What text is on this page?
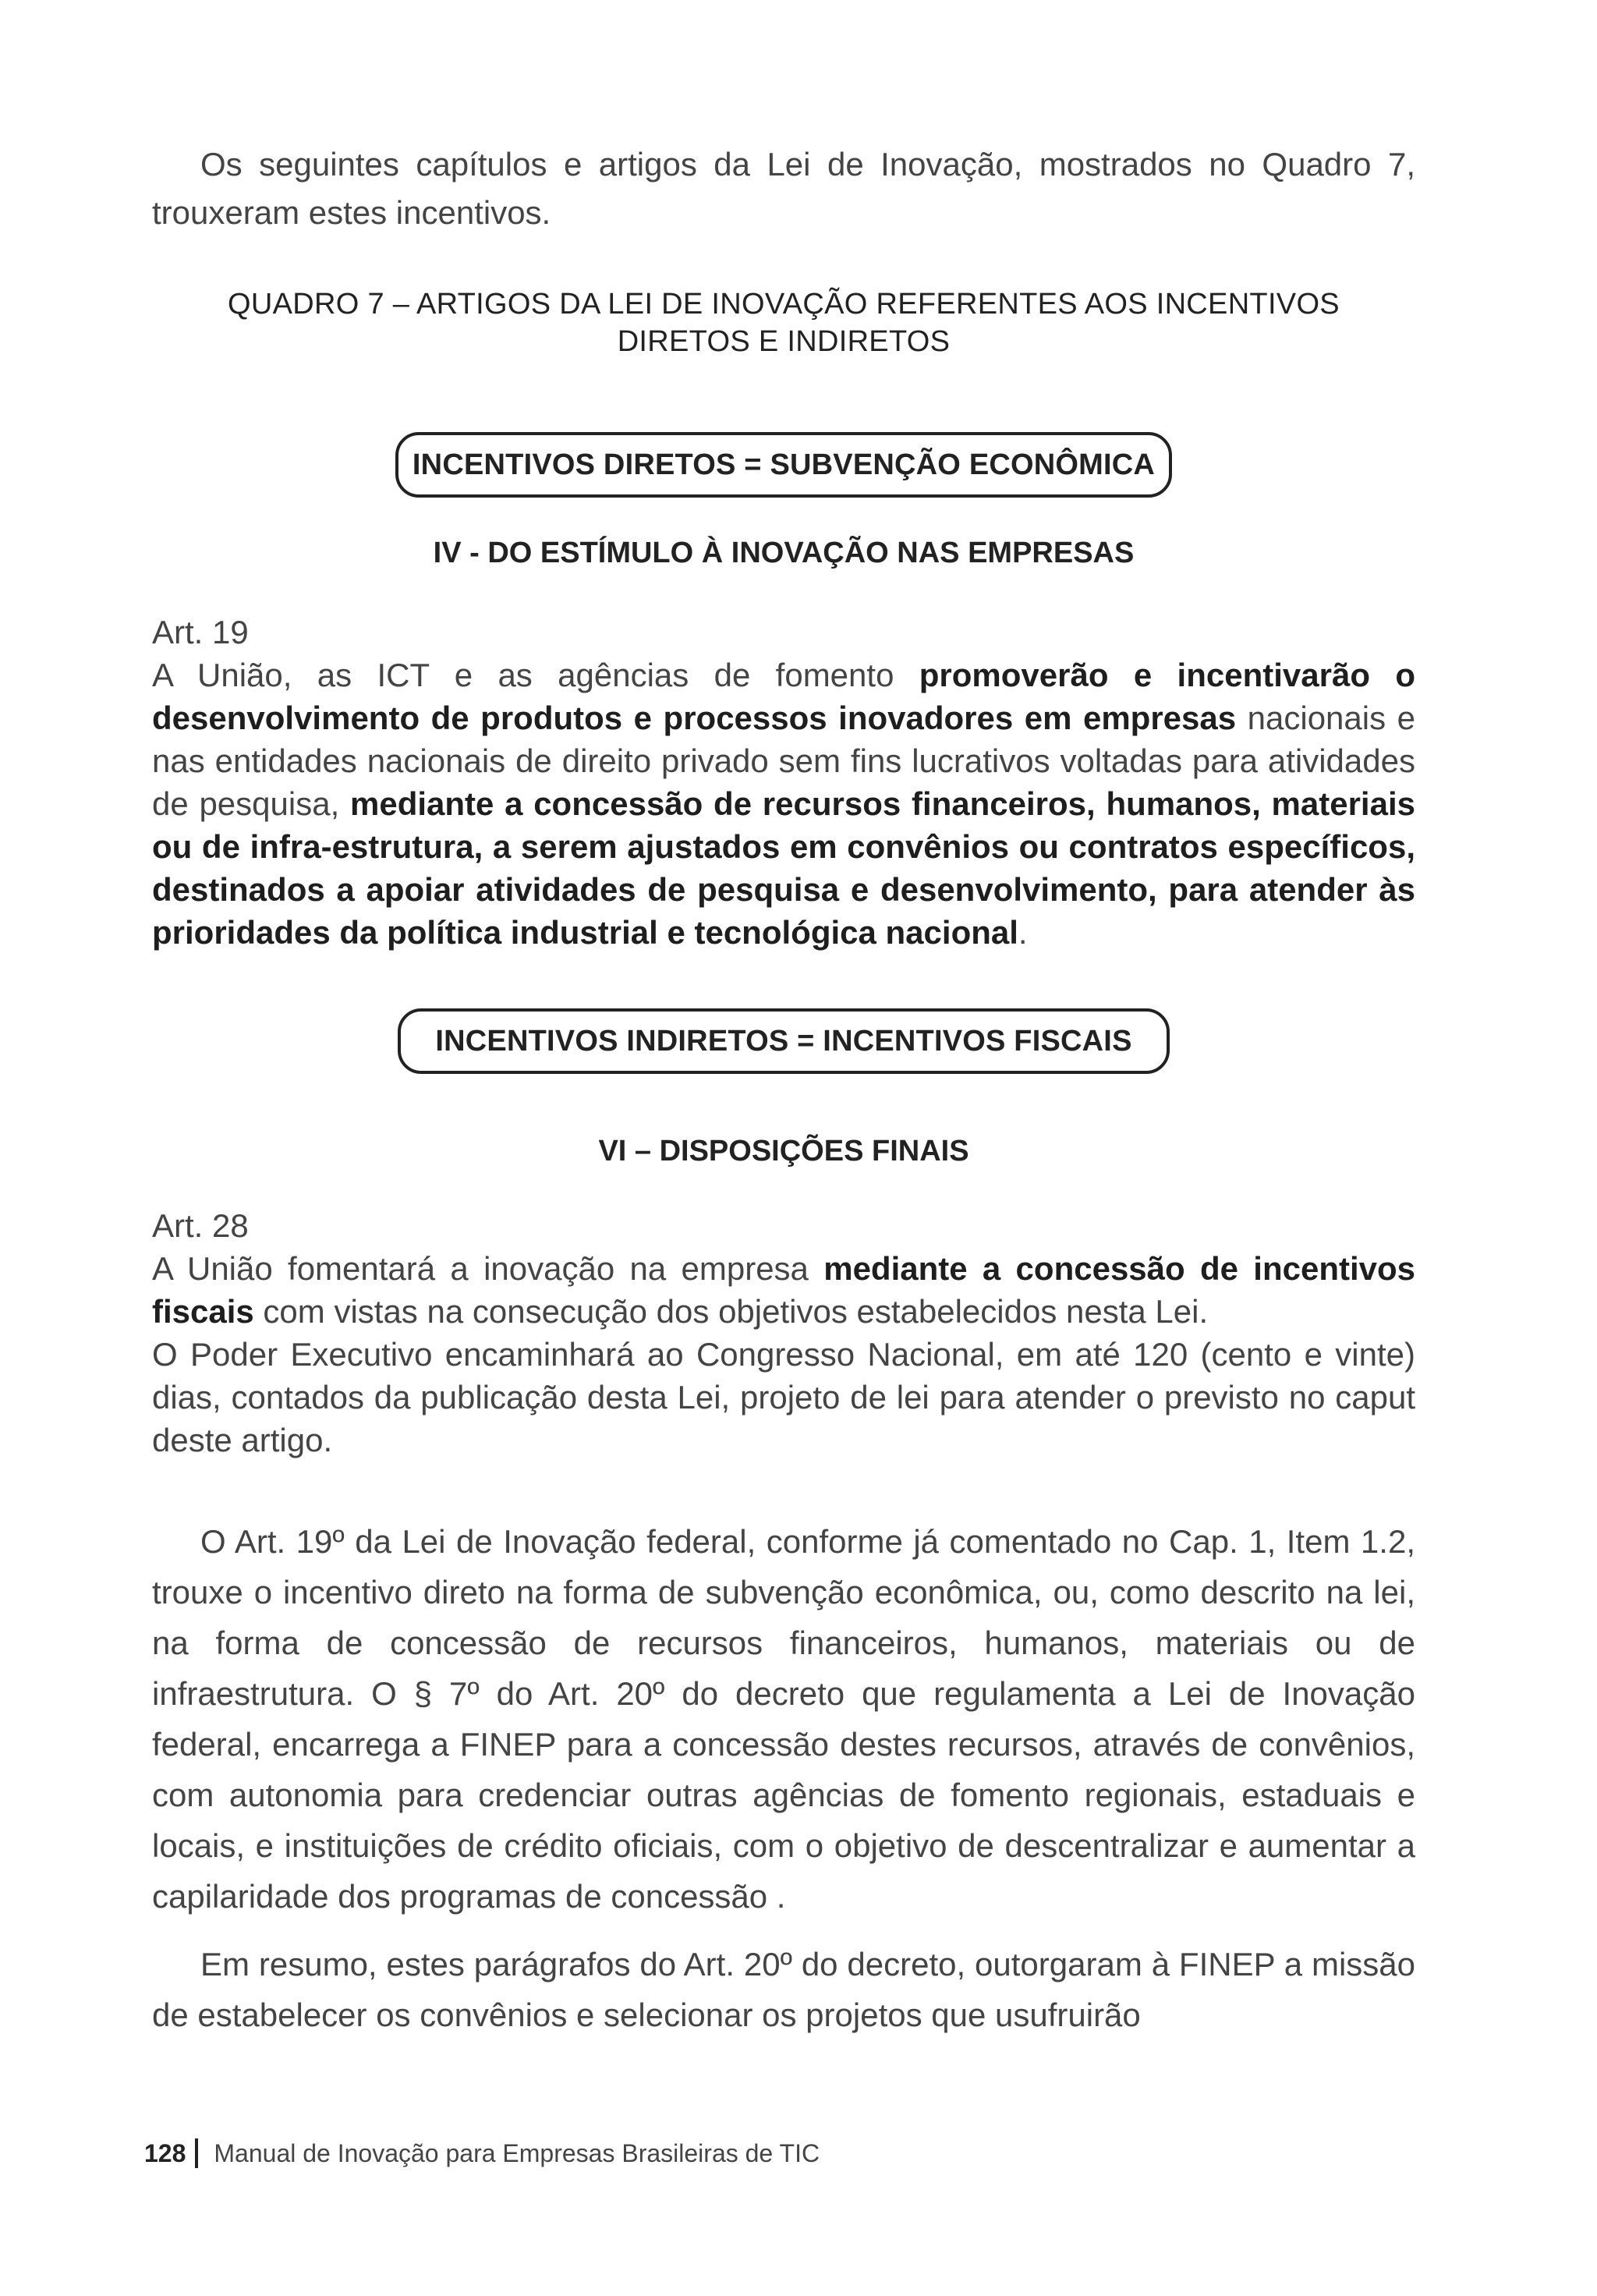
Os seguintes capítulos e artigos da Lei de Inovação, mostrados no Quadro 7, trouxeram estes incentivos.

QUADRO 7 – ARTIGOS DA LEI DE INOVAÇÃO REFERENTES AOS INCENTIVOS DIRETOS E INDIRETOS

INCENTIVOS DIRETOS = SUBVENÇÃO ECONÔMICA

IV - DO ESTÍMULO À INOVAÇÃO NAS EMPRESAS

Art. 19
A União, as ICT e as agências de fomento promoverão e incentivarão o desenvolvimento de produtos e processos inovadores em empresas nacionais e nas entidades nacionais de direito privado sem fins lucrativos voltadas para atividades de pesquisa, mediante a concessão de recursos financeiros, humanos, materiais ou de infra-estrutura, a serem ajustados em convênios ou contratos específicos, destinados a apoiar atividades de pesquisa e desenvolvimento, para atender às prioridades da política industrial e tecnológica nacional.
INCENTIVOS INDIRETOS = INCENTIVOS FISCAIS

VI – DISPOSIÇÕES FINAIS

Art. 28
A União fomentará a inovação na empresa mediante a concessão de incentivos fiscais com vistas na consecução dos objetivos estabelecidos nesta Lei.
O Poder Executivo encaminhará ao Congresso Nacional, em até 120 (cento e vinte) dias, contados da publicação desta Lei, projeto de lei para atender o previsto no caput deste artigo.

O Art. 19º da Lei de Inovação federal, conforme já comentado no Cap. 1, Item 1.2, trouxe o incentivo direto na forma de subvenção econômica, ou, como descrito na lei, na forma de concessão de recursos financeiros, humanos, materiais ou de infraestrutura. O § 7º do Art. 20º do decreto que regulamenta a Lei de Inovação federal, encarrega a FINEP para a concessão destes recursos, através de convênios, com autonomia para credenciar outras agências de fomento regionais, estaduais e locais, e instituições de crédito oficiais, com o objetivo de descentralizar e aumentar a capilaridade dos programas de concessão .

Em resumo, estes parágrafos do Art. 20º do decreto, outorgaram à FINEP a missão de estabelecer os convênios e selecionar os projetos que usufruirão

128 Manual de Inovação para Empresas Brasileiras de TIC
